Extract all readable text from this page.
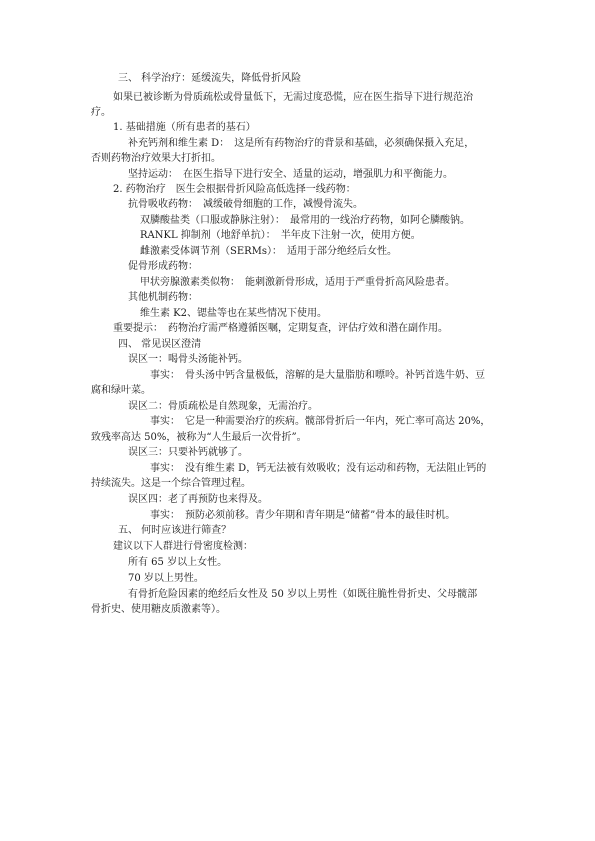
三、 科学治疗：延缓流失，降低骨折风险
如果已被诊断为骨质疏松或骨量低下，无需过度恐慌，应在医生指导下进行规范治
疗。
1. 基础措施（所有患者的基石）
补充钙剂和维生素 D：　这是所有药物治疗的背景和基础，必须确保摄入充足，
否则药物治疗效果大打折扣。
坚持运动：　在医生指导下进行安全、适量的运动，增强肌力和平衡能力。
2. 药物治疗　医生会根据骨折风险高低选择一线药物：
抗骨吸收药物：　减缓破骨细胞的工作，减慢骨流失。
双膦酸盐类（口服或静脉注射）：　最常用的一线治疗药物，如阿仑膦酸钠。
RANKL 抑制剂（地舒单抗）：　半年皮下注射一次，使用方便。
雌激素受体调节剂（SERMs）：　适用于部分绝经后女性。
促骨形成药物：
甲状旁腺激素类似物：　能刺激新骨形成，适用于严重骨折高风险患者。
其他机制药物：
维生素 K2、锶盐等也在某些情况下使用。
重要提示：　药物治疗需严格遵循医嘱，定期复查，评估疗效和潜在副作用。
四、 常见误区澄清
误区一：喝骨头汤能补钙。
事实：　骨头汤中钙含量极低，溶解的是大量脂肪和嘌呤。补钙首选牛奶、豆
腐和绿叶菜。
误区二：骨质疏松是自然现象，无需治疗。
事实：　它是一种需要治疗的疾病。髋部骨折后一年内，死亡率可高达 20%，
致残率高达 50%，被称为“人生最后一次骨折”。
误区三：只要补钙就够了。
事实：　没有维生素 D，钙无法被有效吸收；没有运动和药物，无法阻止钙的
持续流失。这是一个综合管理过程。
误区四：老了再预防也来得及。
事实：　预防必须前移。青少年期和青年期是“储蓄”骨本的最佳时机。
五、 何时应该进行筛查？
建议以下人群进行骨密度检测：
所有 65 岁以上女性。
70 岁以上男性。
有骨折危险因素的绝经后女性及 50 岁以上男性（如既往脆性骨折史、父母髋部
骨折史、使用糖皮质激素等）。
